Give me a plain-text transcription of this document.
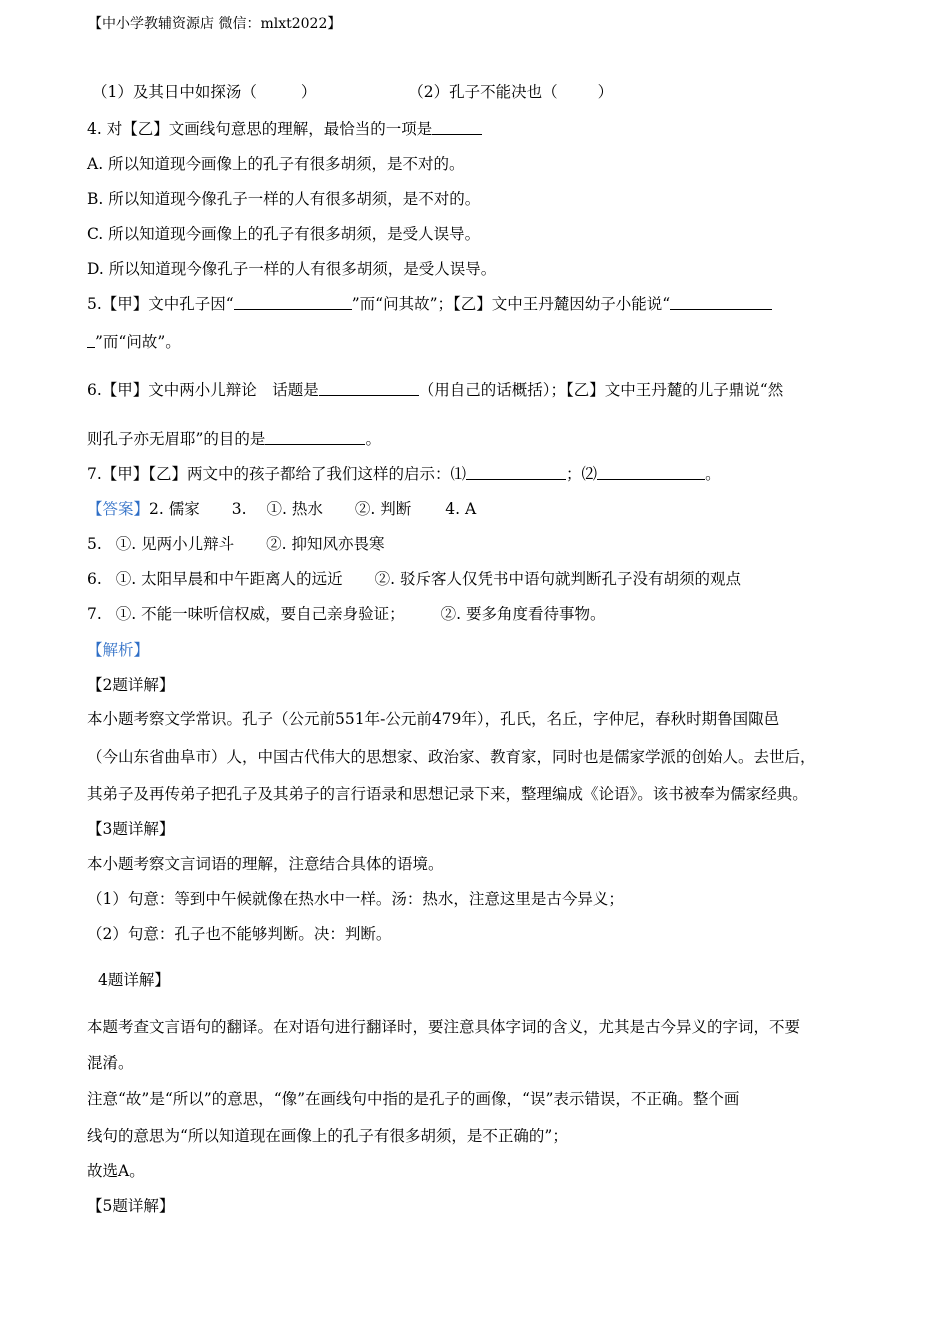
【中小学教辅资源店 微信：mlxt2022】
（1）及其日中如探汤（	）	（2）孔子不能决也（	）
4. 对【乙】文画线句意思的理解，最恰当的一项是
A. 所以知道现今画像上的孔子有很多胡须，是不对的。
B. 所以知道现今像孔子一样的人有很多胡须，是不对的。
C. 所以知道现今画像上的孔子有很多胡须，是受人误导。
D. 所以知道现今像孔子一样的人有很多胡须，是受人误导。
5.【甲】文中孔子因“	”而“问其故”；【乙】文中王丹麓因幼子小能说“
”而“问故”。
6.【甲】文中两小儿辩论　话题是	（用自己的话概括）；【乙】文中王丹麓的儿子鼎说“然
则孔子亦无眉耶”的目的是	。
7.【甲】【乙】两文中的孩子都给了我们这样的启示：⑴	；⑵	。
【答案】2. 儒家 3. ①. 热水 ②. 判断 4. A
5. ①. 见两小儿辩斗 ②. 抑知风亦畏寒
6. ①. 太阳早晨和中午距离人的远近 ②. 驳斥客人仅凭书中语句就判断孔子没有胡须的观点
7. ①. 不能一味听信权威，要自己亲身验证； ②. 要多角度看待事物。
【解析】
【2题详解】
本小题考察文学常识。孔子（公元前551年-公元前479年），孔氏，名丘，字仲尼，春秋时期鲁国陬邑
（今山东省曲阜市）人，中国古代伟大的思想家、政治家、教育家，同时也是儒家学派的创始人。去世后，
其弟子及再传弟子把孔子及其弟子的言行语录和思想记录下来，整理编成《论语》。该书被奉为儒家经典。
【3题详解】
本小题考察文言词语的理解，注意结合具体的语境。
（1）句意：等到中午候就像在热水中一样。汤：热水，注意这里是古今异义；
（2）句意：孔子也不能够判断。决：判断。
4题详解】
本题考查文言语句的翻译。在对语句进行翻译时，要注意具体字词的含义，尤其是古今异义的字词，不要
混淆。
注意“故”是“所以”的意思，“像”在画线句中指的是孔子的画像，“误”表示错误，不正确。整个画
线句的意思为“所以知道现在画像上的孔子有很多胡须，是不正确的”；
故选A。
【5题详解】
